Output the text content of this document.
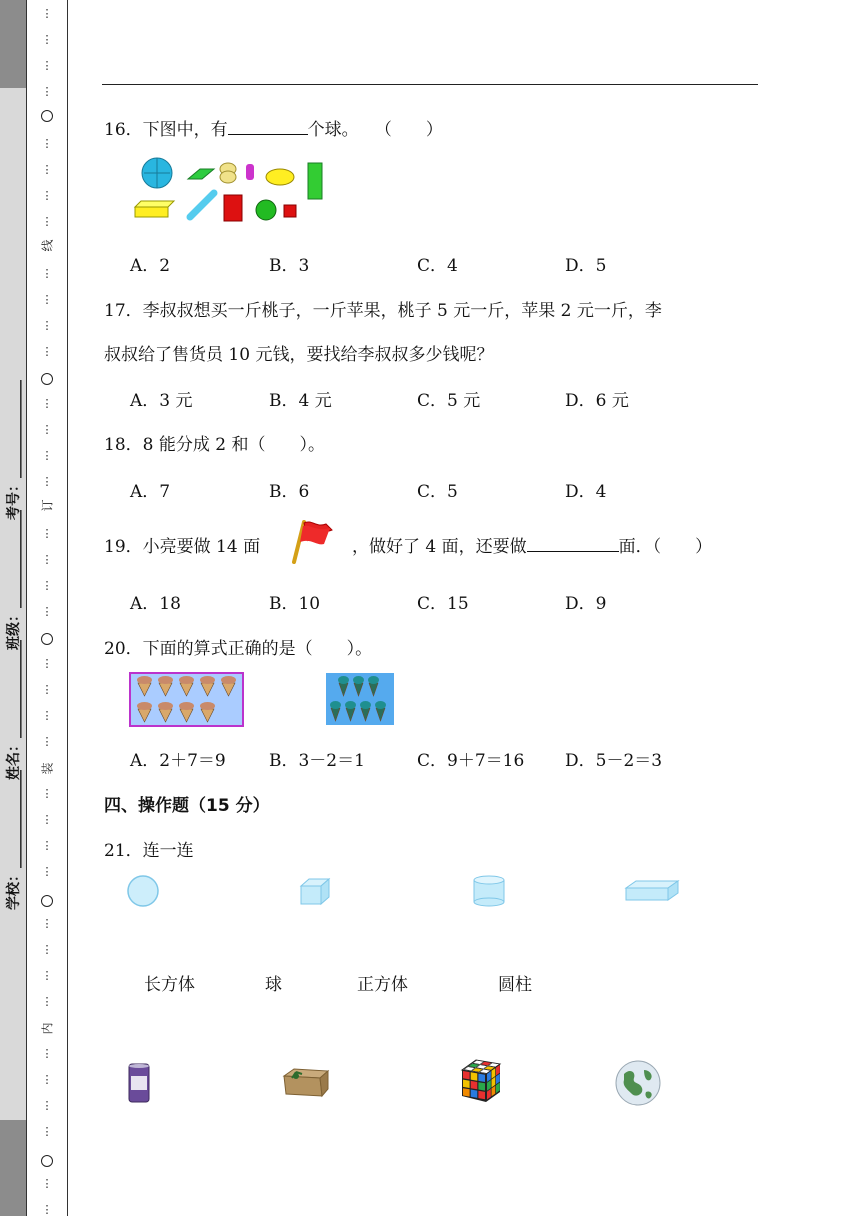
考号：______________
班级：______________
姓名：______________
学校：______________
⋮
⋮
⋮
⋮
⋮
⋮
⋮
⋮
⋮
⋮
⋮
⋮
⋮
⋮
⋮
⋮
⋮
⋮
⋮
⋮
⋮
⋮
⋮
⋮
⋮
⋮
⋮
⋮
⋮
⋮
⋮
⋮
⋮
⋮
⋮
⋮
⋮
⋮
线
订
装
内
16．下图中，有	个球。 （　　）
A．2	B．3	C．4	D．5
17．李叔叔想买一斤桃子，一斤苹果，桃子 5 元一斤，苹果 2 元一斤，李
叔叔给了售货员 10 元钱，要找给李叔叔多少钱呢？
A．3 元	B．4 元	C．5 元	D．6 元
18．8 能分成 2 和（　　）。
A．7	B．6	C．5	D．4
19．小亮要做 14 面	，做好了 4 面，还要做	面．（　　）
A．18	B．10	C．15	D．9
20．下面的算式正确的是（　　）。
A．2＋7＝9	B．3－2＝1	C．9＋7＝16 D．5－2＝3
四、操作题（15 分）
21．连一连
长方体	球	正方体	圆柱
